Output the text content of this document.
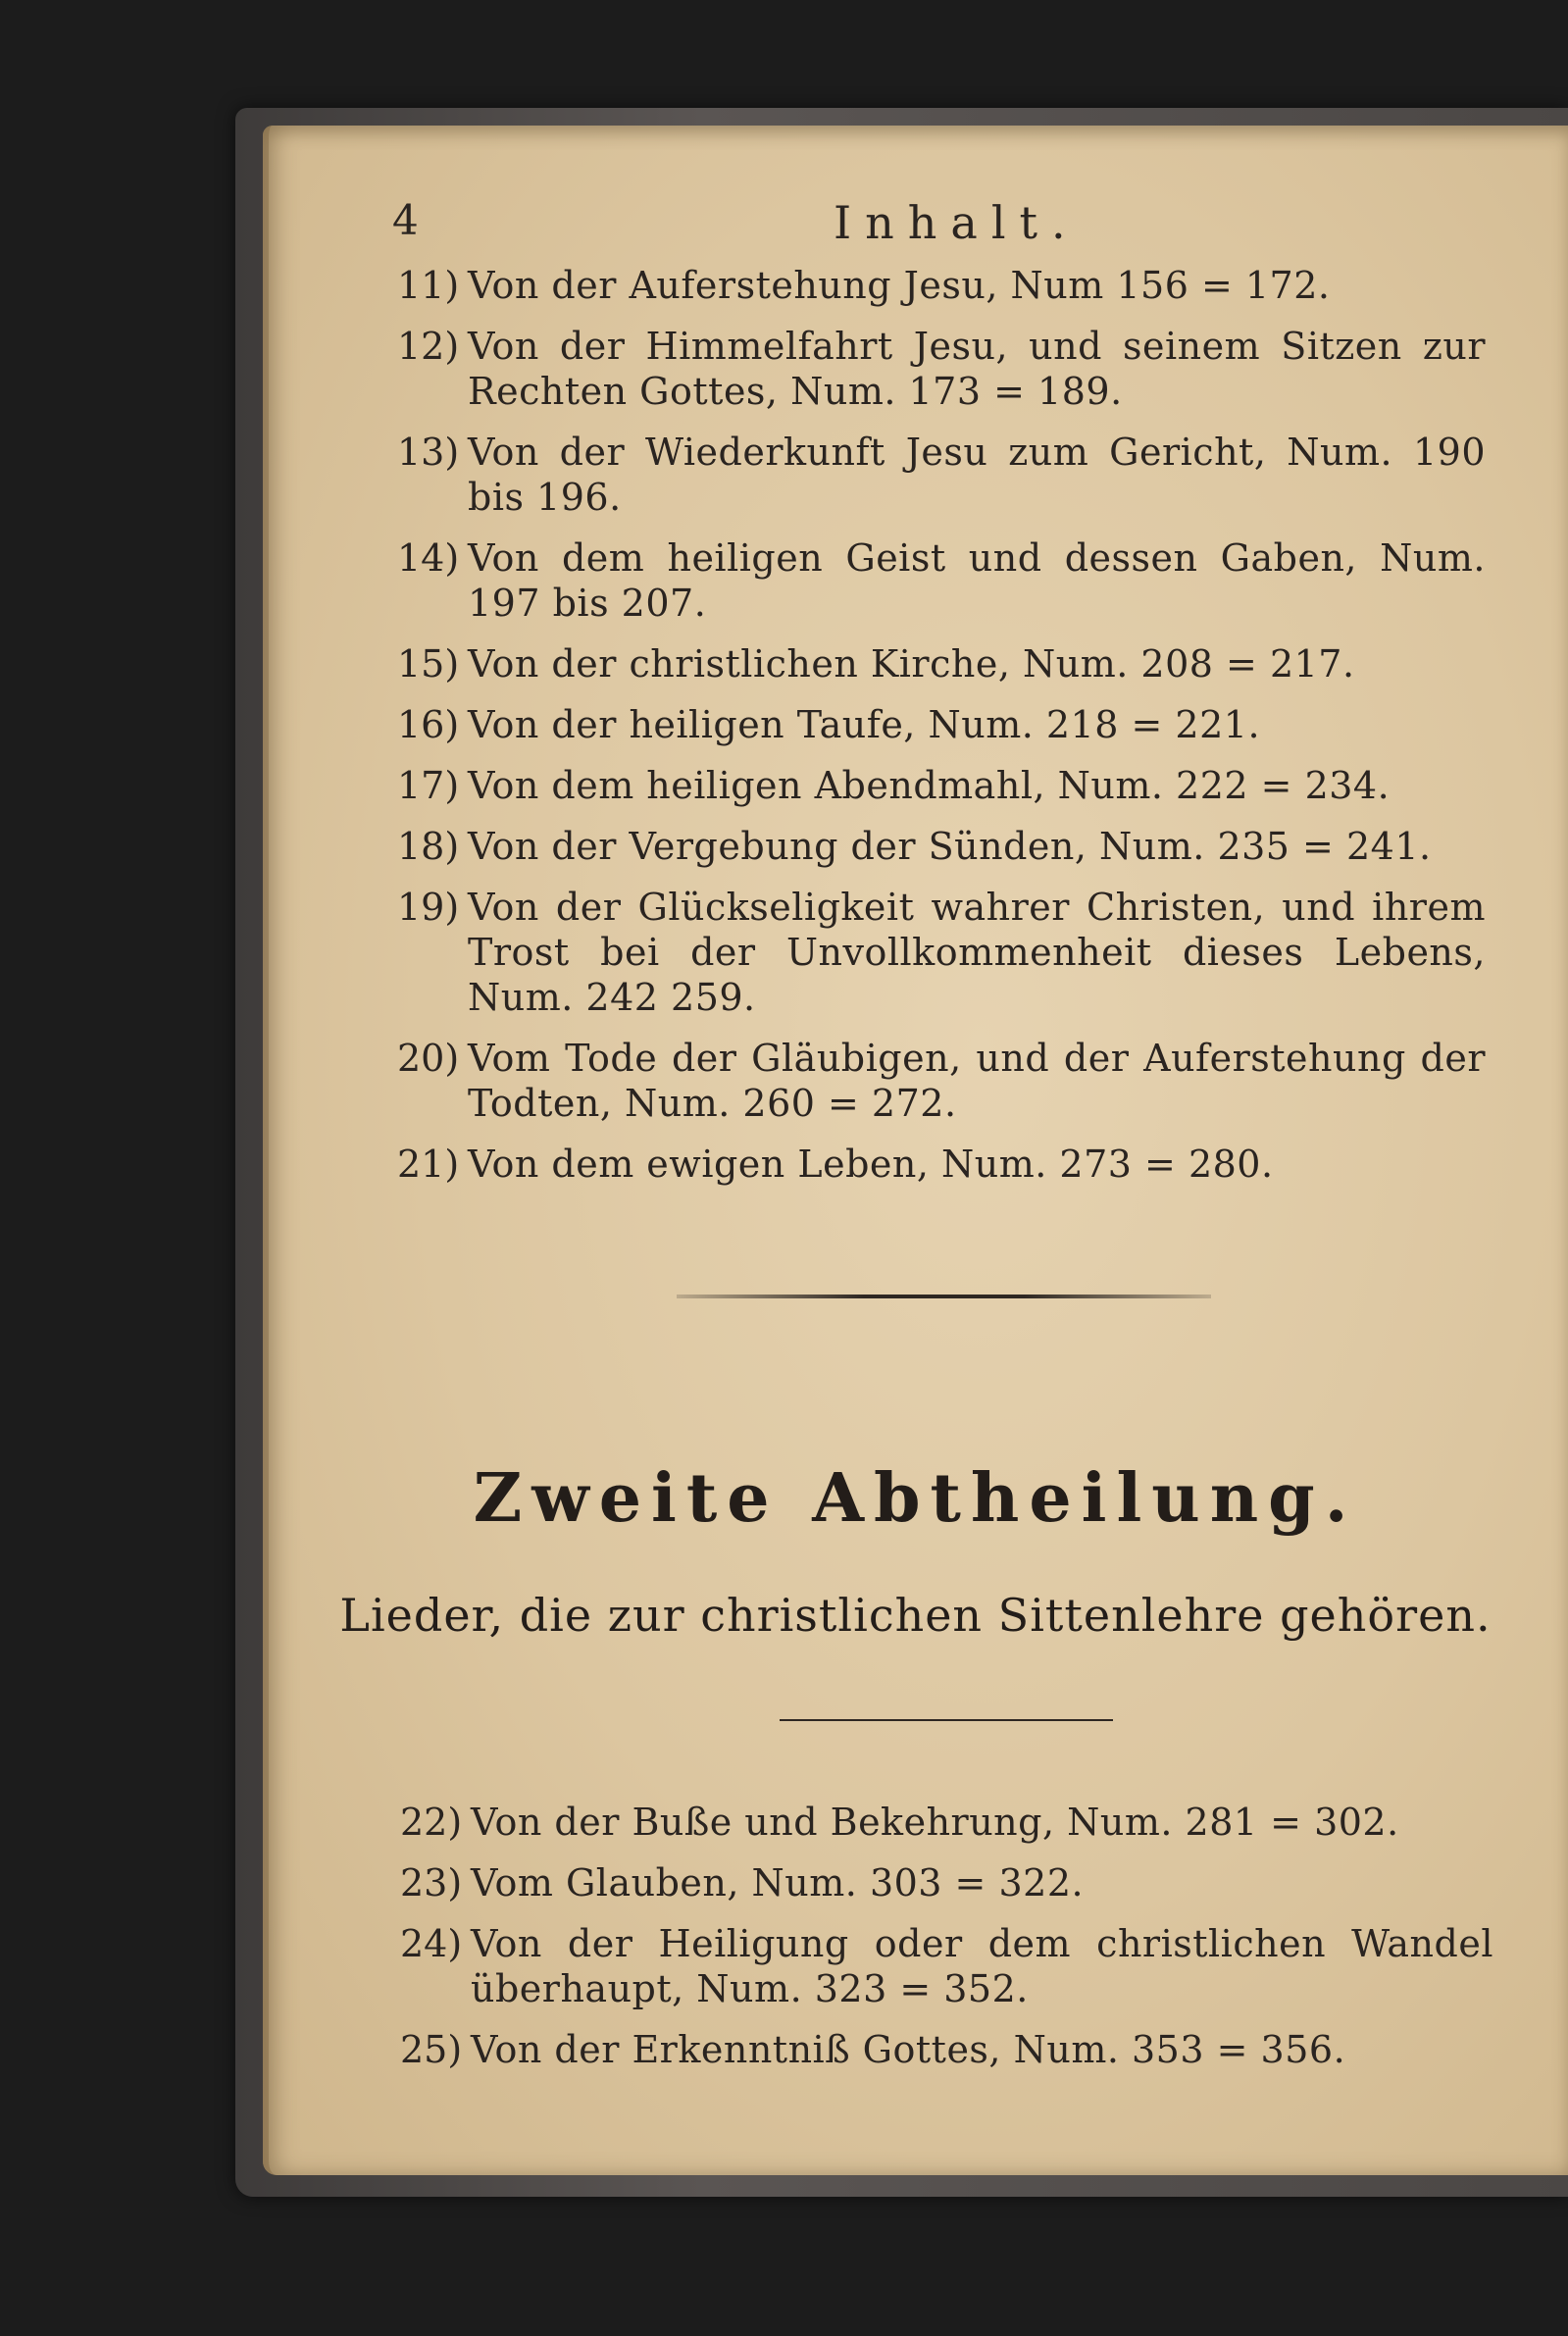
4	Inhalt.
11) Von der Auferstehung Jesu, Num 156 = 172.
12) Von der Himmelfahrt Jesu, und seinem Sitzen zur Rechten Gottes, Num. 173 = 189.
13) Von der Wiederkunft Jesu zum Gericht, Num. 190 bis 196.
14) Von dem heiligen Geist und dessen Gaben, Num. 197 bis 207.
15) Von der christlichen Kirche, Num. 208 = 217.
16) Von der heiligen Taufe, Num. 218 = 221.
17) Von dem heiligen Abendmahl, Num. 222 = 234.
18) Von der Vergebung der Sünden, Num. 235 = 241.
19) Von der Glückseligkeit wahrer Christen, und ihrem Trost bei der Unvollkommenheit dieses Lebens, Num. 242 259.
20) Vom Tode der Gläubigen, und der Auferstehung der Todten, Num. 260 = 272.
21) Von dem ewigen Leben, Num. 273 = 280.
Zweite Abtheilung.
Lieder, die zur christlichen Sittenlehre gehören.
22) Von der Buße und Bekehrung, Num. 281 = 302.
23) Vom Glauben, Num. 303 = 322.
24) Von der Heiligung oder dem christlichen Wandel überhaupt, Num. 323 = 352.
25) Von der Erkenntniß Gottes, Num. 353 = 356.
